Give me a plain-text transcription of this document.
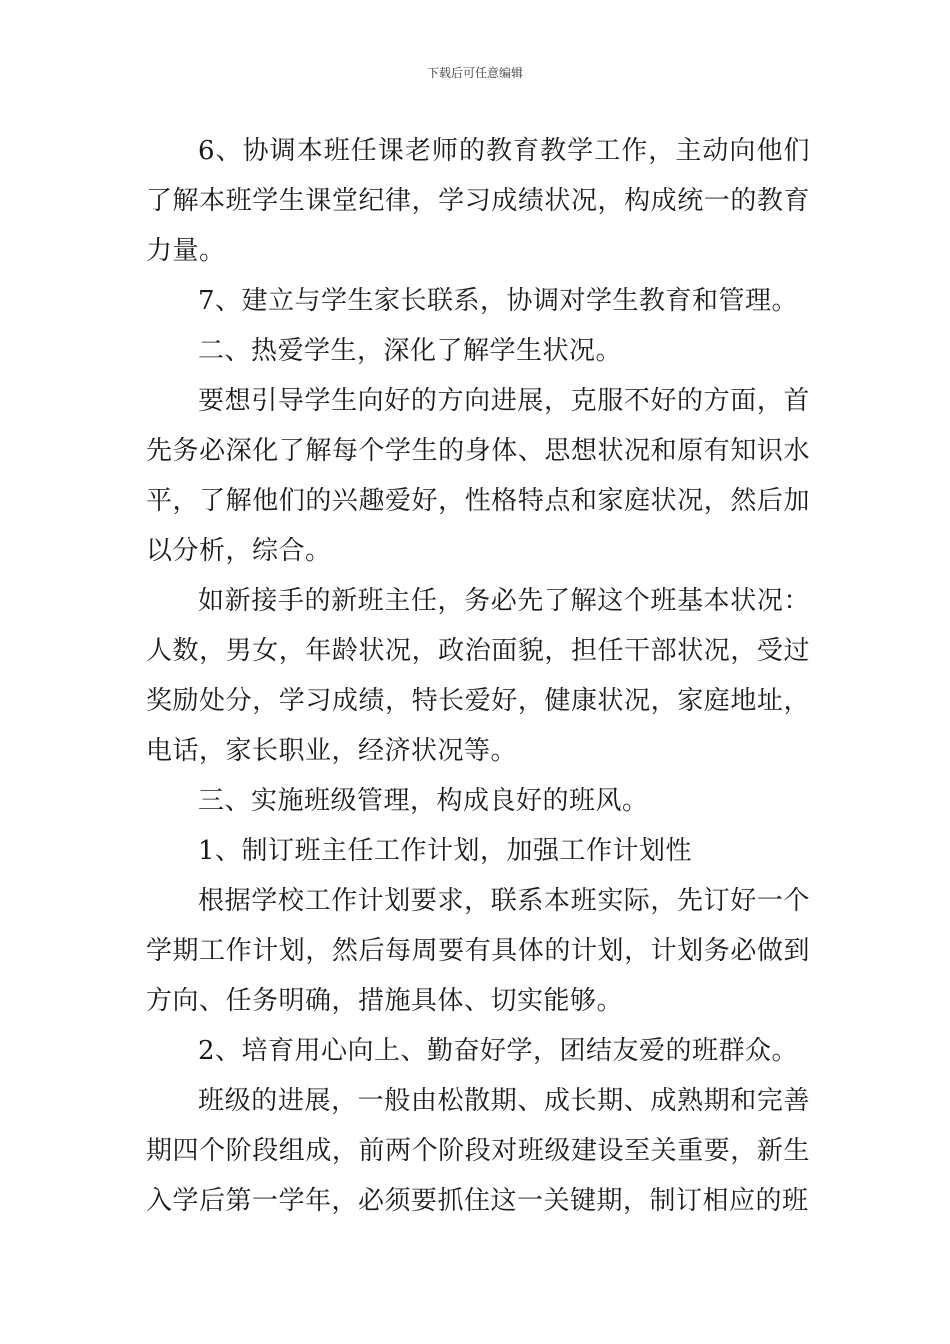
下载后可任意编辑

6、协调本班任课老师的教育教学工作，主动向他们了解本班学生课堂纪律，学习成绩状况，构成统一的教育力量。

7、建立与学生家长联系，协调对学生教育和管理。

二、热爱学生，深化了解学生状况。

要想引导学生向好的方向进展，克服不好的方面，首先务必深化了解每个学生的身体、思想状况和原有知识水平，了解他们的兴趣爱好，性格特点和家庭状况，然后加以分析，综合。

如新接手的新班主任，务必先了解这个班基本状况：人数，男女，年龄状况，政治面貌，担任干部状况，受过奖励处分，学习成绩，特长爱好，健康状况，家庭地址，电话，家长职业，经济状况等。

三、实施班级管理，构成良好的班风。

1、制订班主任工作计划，加强工作计划性

根据学校工作计划要求，联系本班实际，先订好一个学期工作计划，然后每周要有具体的计划，计划务必做到方向、任务明确，措施具体、切实能够。

2、培育用心向上、勤奋好学，团结友爱的班群众。

班级的进展，一般由松散期、成长期、成熟期和完善期四个阶段组成，前两个阶段对班级建设至关重要，新生入学后第一学年，必须要抓住这一关键期，制订相应的班
